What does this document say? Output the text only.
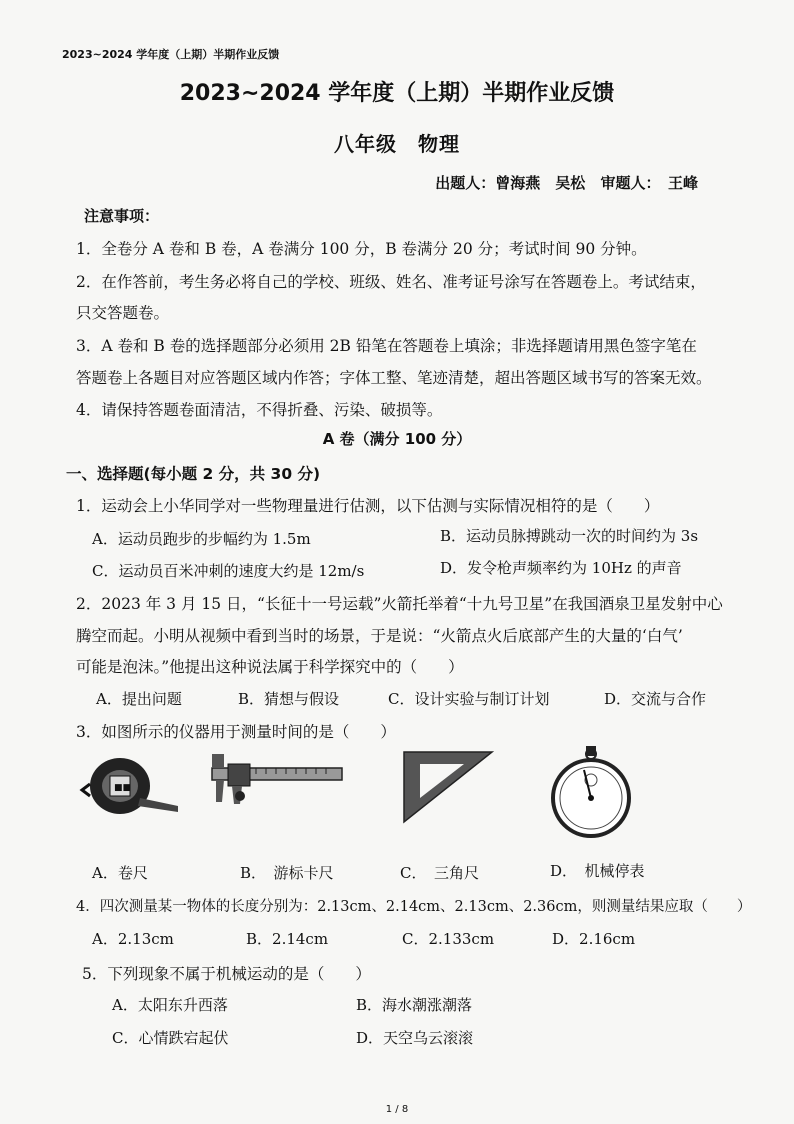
2023~2024 学年度（上期）半期作业反馈
2023~2024 学年度（上期）半期作业反馈
八年级　物理
出题人：曾海燕　吴松 审题人：　王峰
注意事项：
1．全卷分 A 卷和 B 卷，A 卷满分 100 分，B 卷满分 20 分；考试时间 90 分钟。
2．在作答前，考生务必将自己的学校、班级、姓名、准考证号涂写在答题卷上。考试结束，
只交答题卷。
3．A 卷和 B 卷的选择题部分必须用 2B 铅笔在答题卷上填涂；非选择题请用黑色签字笔在
答题卷上各题目对应答题区域内作答；字体工整、笔迹清楚，超出答题区域书写的答案无效。
4．请保持答题卷面清洁，不得折叠、污染、破损等。
A 卷（满分 100 分）
一、选择题(每小题 2 分，共 30 分)
1．运动会上小华同学对一些物理量进行估测，以下估测与实际情况相符的是（　　）
A．运动员跑步的步幅约为 1.5m	B．运动员脉搏跳动一次的时间约为 3s
C．运动员百米冲刺的速度大约是 12m/s	D．发令枪声频率约为 10Hz 的声音
2．2023 年 3 月 15 日，“长征十一号运载”火箭托举着“十九号卫星”在我国酒泉卫星发射中心
腾空而起。小明从视频中看到当时的场景，于是说：“火箭点火后底部产生的大量的‘白气’
可能是泡沫。”他提出这种说法属于科学探究中的（　　）
A．提出问题	B．猜想与假设	C．设计实验与制订计划	D．交流与合作
3．如图所示的仪器用于测量时间的是（　　）
■■
A．卷尺	B．　游标卡尺	C．　三角尺	D．　机械停表
4．四次测量某一物体的长度分别为：2.13cm、2.14cm、2.13cm、2.36cm，则测量结果应取（　　）
A．2.13cm	B．2.14cm	C．2.133cm	D．2.16cm
5．下列现象不属于机械运动的是（　　）
A．太阳东升西落	B．海水潮涨潮落
C．心情跌宕起伏	D．天空乌云滚滚
1 / 8
